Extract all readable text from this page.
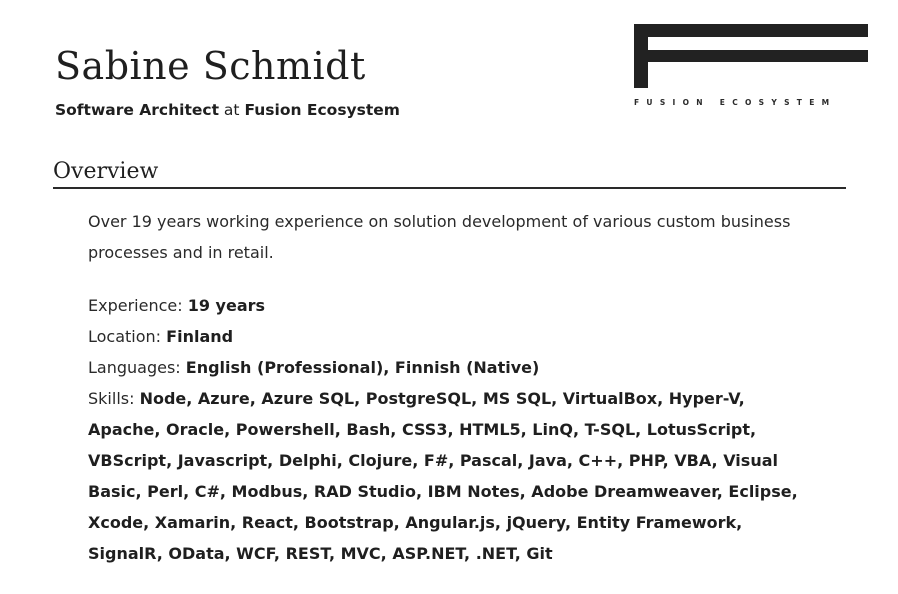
Sabine Schmidt

Software Architect at Fusion Ecosystem	FUSION ECOSYSTEM
Overview

Over 19 years working experience on solution development of various custom business processes and in retail.

Experience: 19 years

Location: Finland

Languages: English (Professional), Finnish (Native)

Skills: Node, Azure, Azure SQL, PostgreSQL, MS SQL, VirtualBox, Hyper-V, Apache, Oracle, Powershell, Bash, CSS3, HTML5, LinQ, T-SQL, LotusScript, VBScript, Javascript, Delphi, Clojure, F#, Pascal, Java, C++, PHP, VBA, Visual Basic, Perl, C#, Modbus, RAD Studio, IBM Notes, Adobe Dreamweaver, Eclipse, Xcode, Xamarin, React, Bootstrap, Angular.js, jQuery, Entity Framework, SignalR, OData, WCF, REST, MVC, ASP.NET, .NET, Git
